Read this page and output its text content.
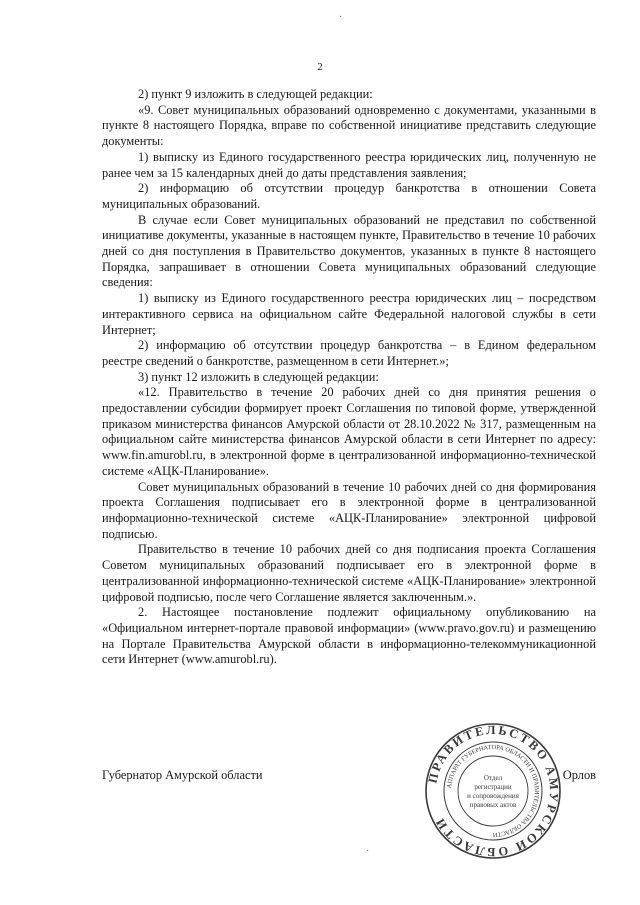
2
·

2) пункт 9 изложить в следующей редакции:

«9. Совет муниципальных образований одновременно с документами, указанными в пункте 8 настоящего Порядка, вправе по собственной инициативе представить следующие документы:

1) выписку из Единого государственного реестра юридических лиц, полученную не ранее чем за 15 календарных дней до даты представления заявления;

2) информацию об отсутствии процедур банкротства в отношении Совета муниципальных образований.

В случае если Совет муниципальных образований не представил по собственной инициативе документы, указанные в настоящем пункте, Правительство в течение 10 рабочих дней со дня поступления в Правительство документов, указанных в пункте 8 настоящего Порядка, запрашивает в отношении Совета муниципальных образований следующие сведения:

1) выписку из Единого государственного реестра юридических лиц – посредством интерактивного сервиса на официальном сайте Федеральной налоговой службы в сети Интернет;

2) информацию об отсутствии процедур банкротства – в Едином федеральном реестре сведений о банкротстве, размещенном в сети Интернет.»;

3) пункт 12 изложить в следующей редакции:

«12. Правительство в течение 20 рабочих дней со дня принятия решения о предоставлении субсидии формирует проект Соглашения по типовой форме, утвержденной приказом министерства финансов Амурской области от 28.10.2022 № 317, размещенным на официальном сайте министерства финансов Амурской области в сети Интернет по адресу: www.fin.amurobl.ru, в электронной форме в централизованной информационно-технической системе «АЦК-Планирование».

Совет муниципальных образований в течение 10 рабочих дней со дня формирования проекта Соглашения подписывает его в электронной форме в централизованной информационно-технической системе «АЦК-Планирование» электронной цифровой подписью.

Правительство в течение 10 рабочих дней со дня подписания проекта Соглашения Советом муниципальных образований подписывает его в электронной форме в централизованной информационно-технической системе «АЦК-Планирование» электронной цифровой подписью, после чего Соглашение является заключенным.».

2. Настоящее постановление подлежит официальному опубликованию на «Официальном интернет-портале правовой информации» (www.pravo.gov.ru) и размещению на Портале Правительства Амурской области в информационно-телекоммуникационной сети Интернет (www.amurobl.ru).

Губернатор Амурской области	. Орлов
ПРАВИТЕЛЬСТВО АМУРСКОЙ ОБЛАСТИ
АППАРАТ ГУБЕРНАТОРА ОБЛАСТИ И ПРАВИТЕЛЬСТВА ОБЛАСТИ
Отдел
регистрации
и сопровождения
правовых актов
·
